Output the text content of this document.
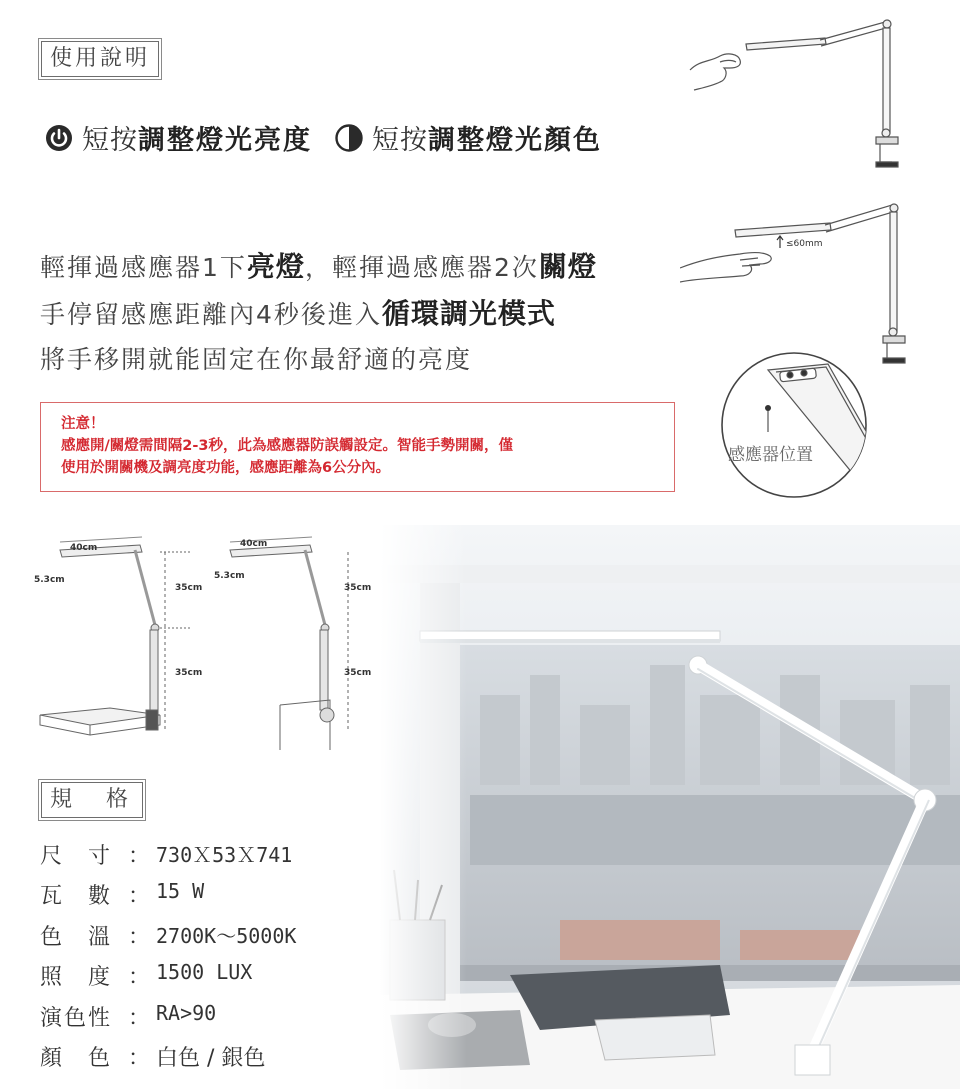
使用說明
短按 調整燈光亮度 短按 調整燈光顏色
輕揮過感應器1下亮燈，輕揮過感應器2次關燈
手停留感應距離內4秒後進入循環調光模式
將手移開就能固定在你最舒適的亮度
注意！
感應開/關燈需間隔2-3秒，此為感應器防誤觸設定。智能手勢開關，僅
使用於開關機及調亮度功能，感應距離為6公分內。
≤60mm
感應器位置
40cm
5.3cm
35cm
35cm
40cm
5.3cm
35cm
35cm
規　格
尺　寸 ： 730Ｘ53Ｘ741
瓦　數 ： 15 W
色　溫 ： 2700K～5000K
照　度 ： 1500 LUX
演色性 ： RA>90
顏　色 ： 白色 / 銀色
